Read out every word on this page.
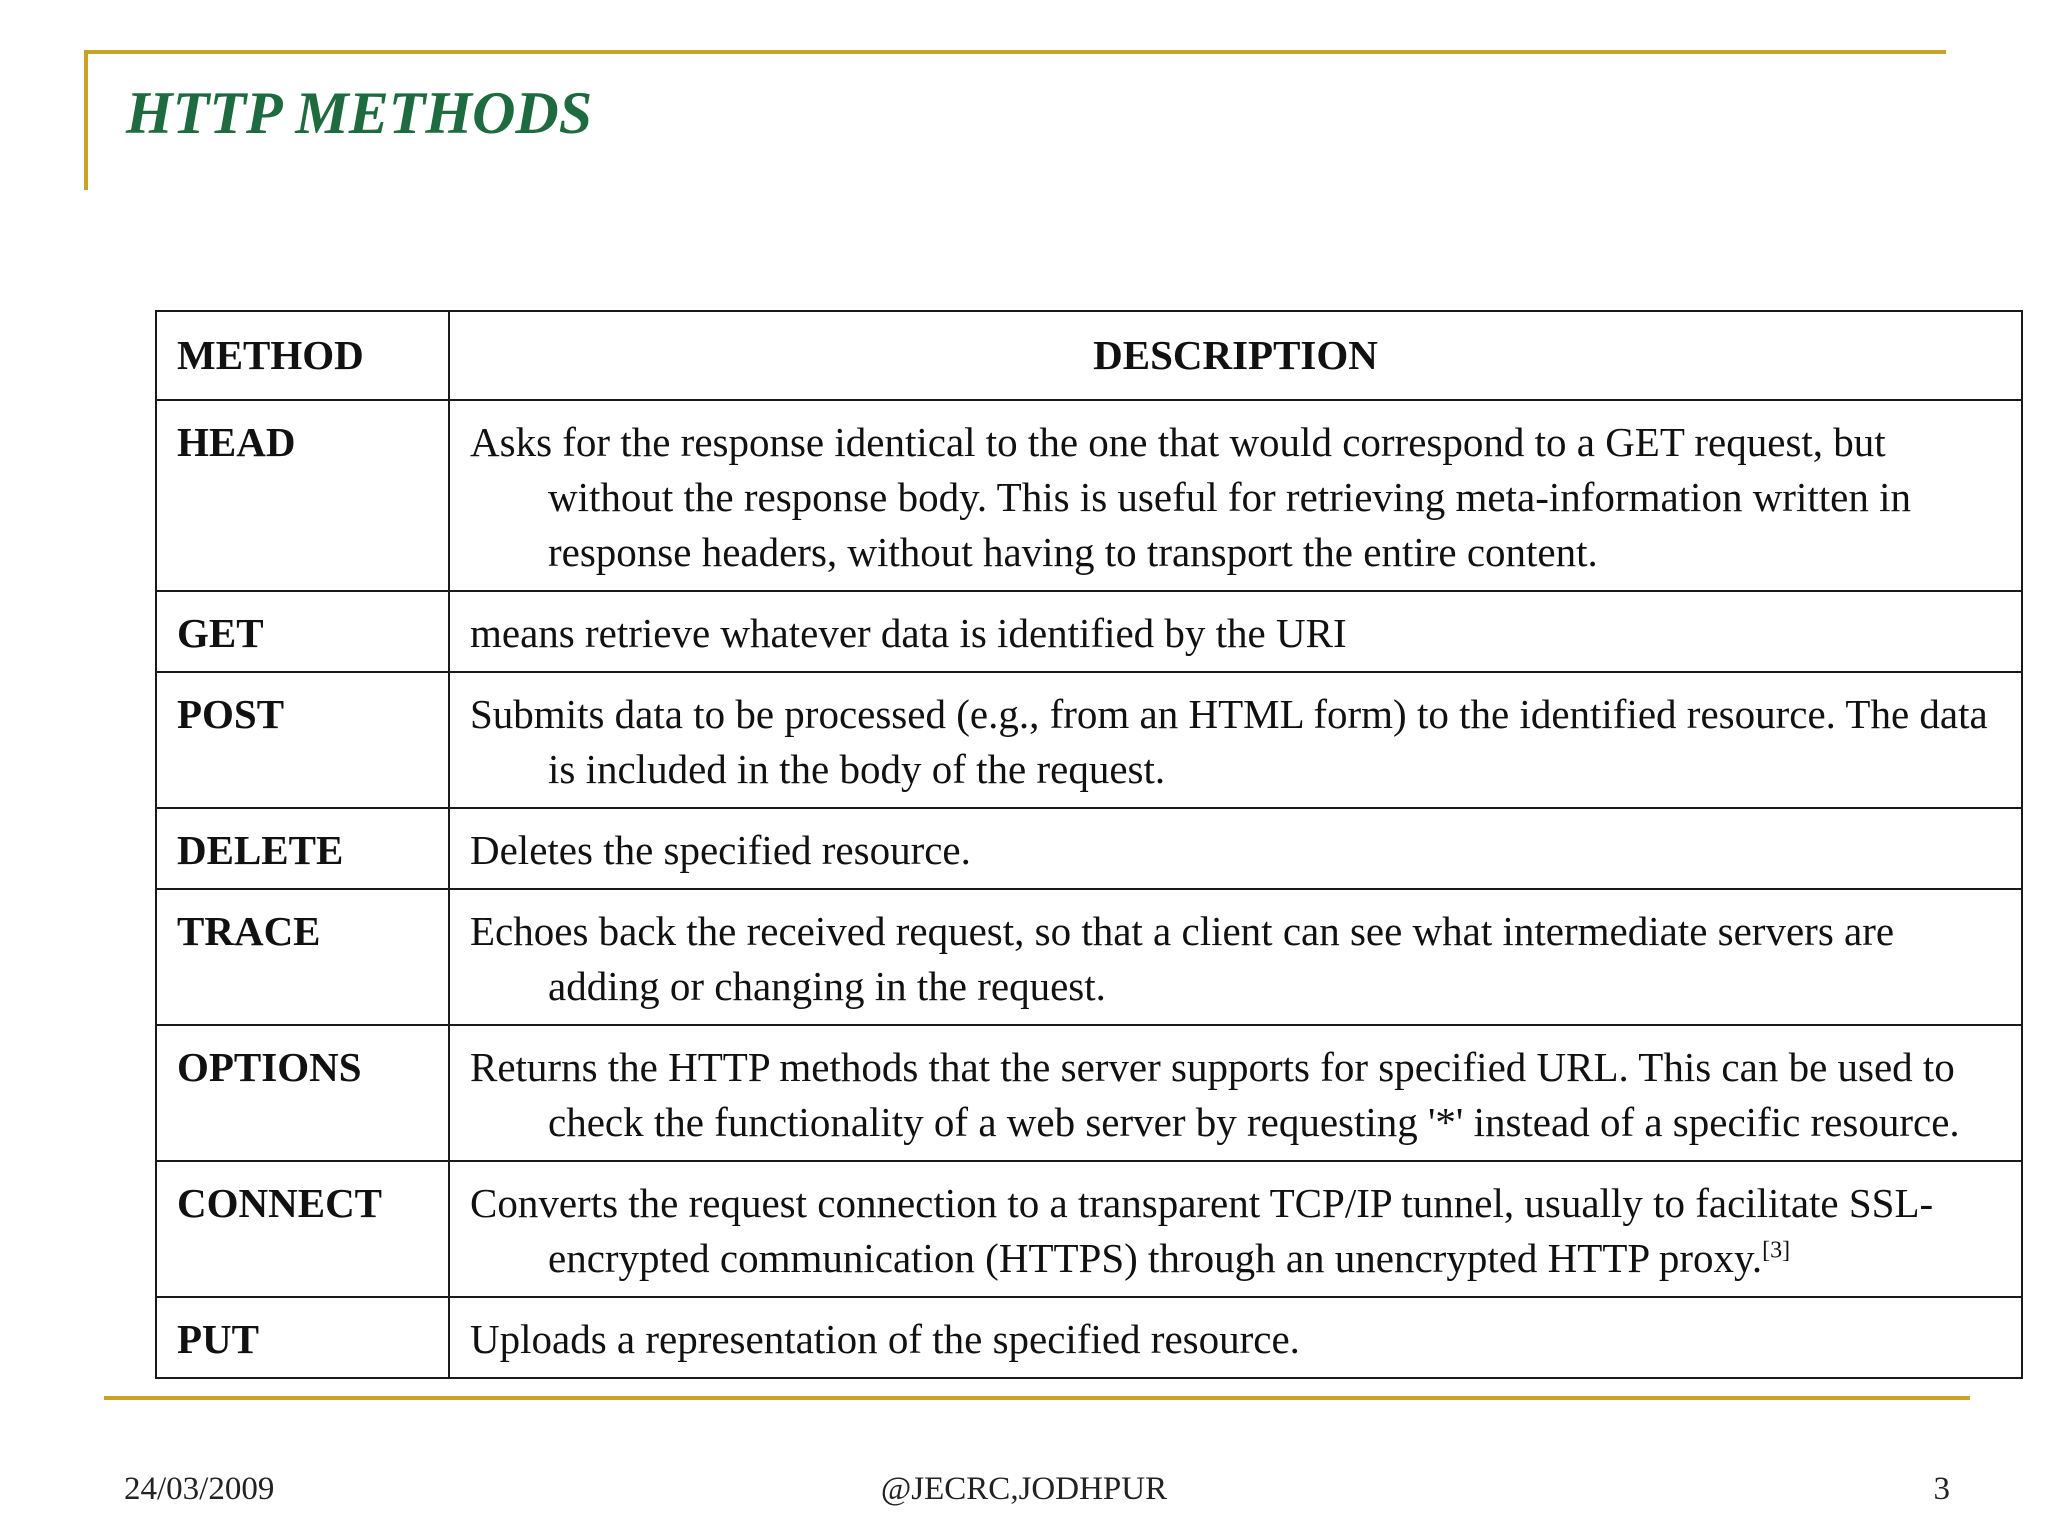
HTTP METHODS
METHOD	DESCRIPTION
HEAD	Asks for the response identical to the one that would correspond to a GET request, but without the response body. This is useful for retrieving meta-information written in response headers, without having to transport the entire content.
GET	means retrieve whatever data is identified by the URI
POST	Submits data to be processed (e.g., from an HTML form) to the identified resource. The data is included in the body of the request.
DELETE	Deletes the specified resource.
TRACE	Echoes back the received request, so that a client can see what intermediate servers are adding or changing in the request.
OPTIONS	Returns the HTTP methods that the server supports for specified URL. This can be used to check the functionality of a web server by requesting '*' instead of a specific resource.
CONNECT	Converts the request connection to a transparent TCP/IP tunnel, usually to facilitate SSL-encrypted communication (HTTPS) through an unencrypted HTTP proxy.[3]
PUT	Uploads a representation of the specified resource.
24/03/2009	@JECRC,JODHPUR	3
